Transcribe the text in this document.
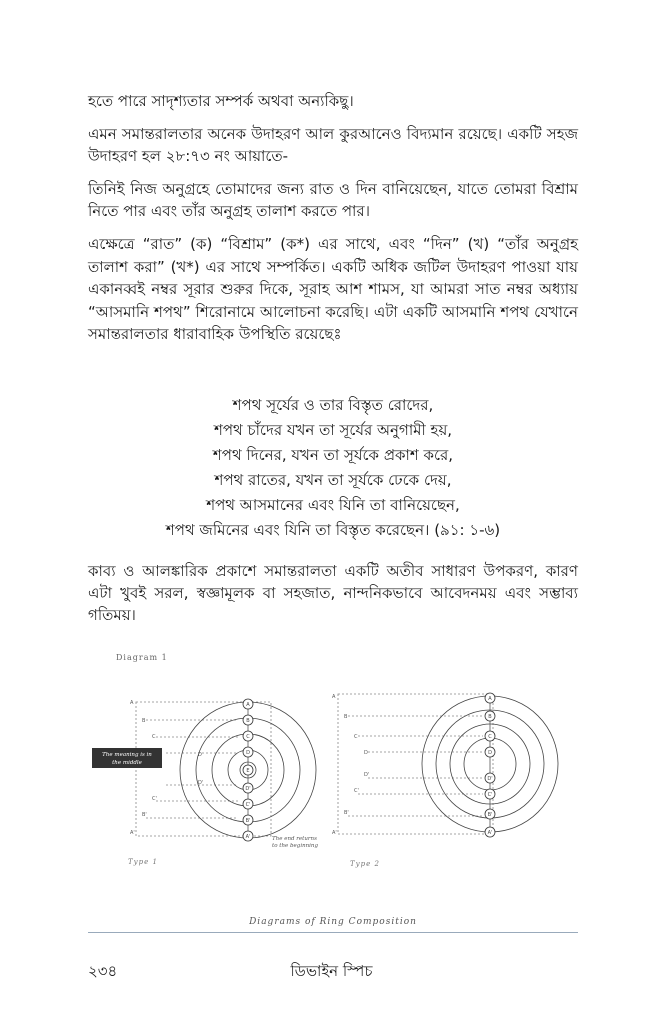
হতে পারে সাদৃশ্যতার সম্পর্ক অথবা অন্যকিছু।

এমন সমান্তরালতার অনেক উদাহরণ আল কুরআনেও বিদ্যমান রয়েছে। একটি সহজ উদাহরণ হল ২৮:৭৩ নং আয়াতে-

তিনিই নিজ অনুগ্রহে তোমাদের জন্য রাত ও দিন বানিয়েছেন, যাতে তোমরা বিশ্রাম নিতে পার এবং তাঁর অনুগ্রহ তালাশ করতে পার।

এক্ষেত্রে “রাত” (ক) “বিশ্রাম” (ক*) এর সাথে, এবং “দিন” (খ) “তাঁর অনুগ্রহ তালাশ করা” (খ*) এর সাথে সম্পর্কিত। একটি অধিক জটিল উদাহরণ পাওয়া যায় একানব্বই নম্বর সূরার শুরুর দিকে, সূরাহ আশ শামস, যা আমরা সাত নম্বর অধ্যায় “আসমানি শপথ” শিরোনামে আলোচনা করেছি। এটা একটি আসমানি শপথ যেখানে সমান্তরালতার ধারাবাহিক উপস্থিতি রয়েছেঃ

শপথ সূর্যের ও তার বিস্তৃত রোদের,
শপথ চাঁদের যখন তা সূর্যের অনুগামী হয়,
শপথ দিনের, যখন তা সূর্যকে প্রকাশ করে,
শপথ রাতের, যখন তা সূর্যকে ঢেকে দেয়,
শপথ আসমানের এবং যিনি তা বানিয়েছেন,
শপথ জমিনের এবং যিনি তা বিস্তৃত করেছেন। (৯১: ১-৬)

কাব্য ও আলঙ্কারিক প্রকাশে সমান্তরালতা একটি অতীব সাধারণ উপকরণ, কারণ এটা খুবই সরল, স্বজ্ঞামূলক বা সহজাত, নান্দনিকভাবে আবেদনময় এবং সম্ভাব্য গতিময়।

Diagram 1
A
B
C
D
E
D'
C'
B'
A'
A
B
C
D
D'
C'
B'
A'
The meaning is in
the middle
The end returns
to the beginning
Type 1
A
B
C
D
D'
C'
B'
A'
A
B
C
D
D'
C'
B'
A'
Type 2
Diagrams of Ring Composition
২৩৪	ডিভাইন স্পিচ
